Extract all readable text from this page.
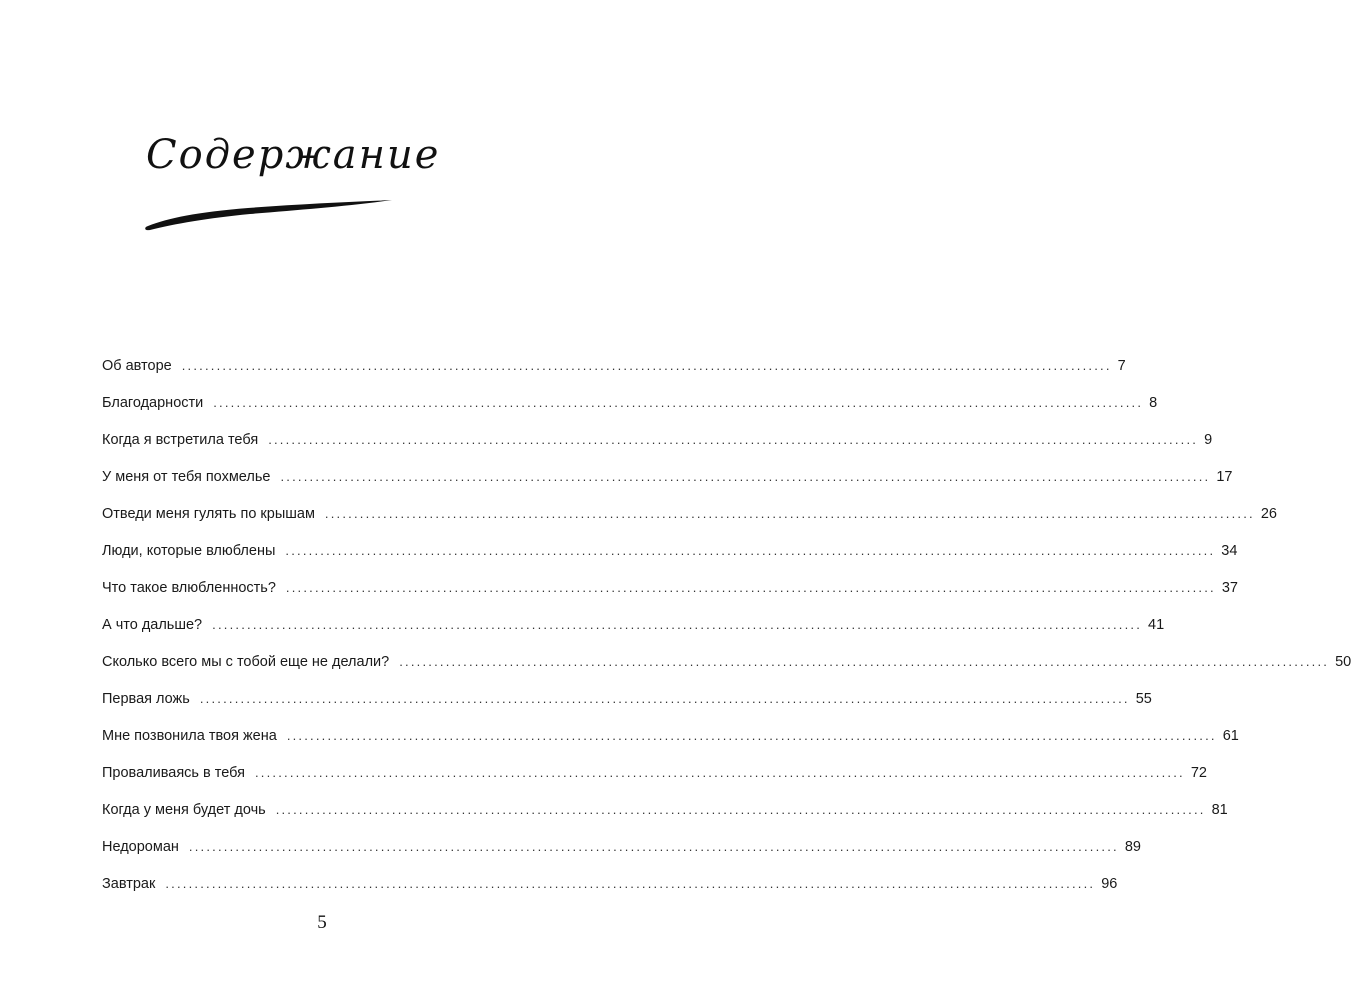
Содержание
Об авторе ................................................................................................................................................................ 7
Благодарности ................................................................................................................................................................ 8
Когда я встретила тебя ................................................................................................................................................................ 9
У меня от тебя похмелье ................................................................................................................................................................ 17
Отведи меня гулять по крышам ................................................................................................................................................................ 26
Люди, которые влюблены ................................................................................................................................................................ 34
Что такое влюбленность? ................................................................................................................................................................ 37
А что дальше? ................................................................................................................................................................ 41
Сколько всего мы с тобой еще не делали? ................................................................................................................................................................ 50
Первая ложь ................................................................................................................................................................ 55
Мне позвонила твоя жена ................................................................................................................................................................ 61
Проваливаясь в тебя ................................................................................................................................................................ 72
Когда у меня будет дочь ................................................................................................................................................................ 81
Недороман ................................................................................................................................................................ 89
Завтрак ................................................................................................................................................................ 96
5
